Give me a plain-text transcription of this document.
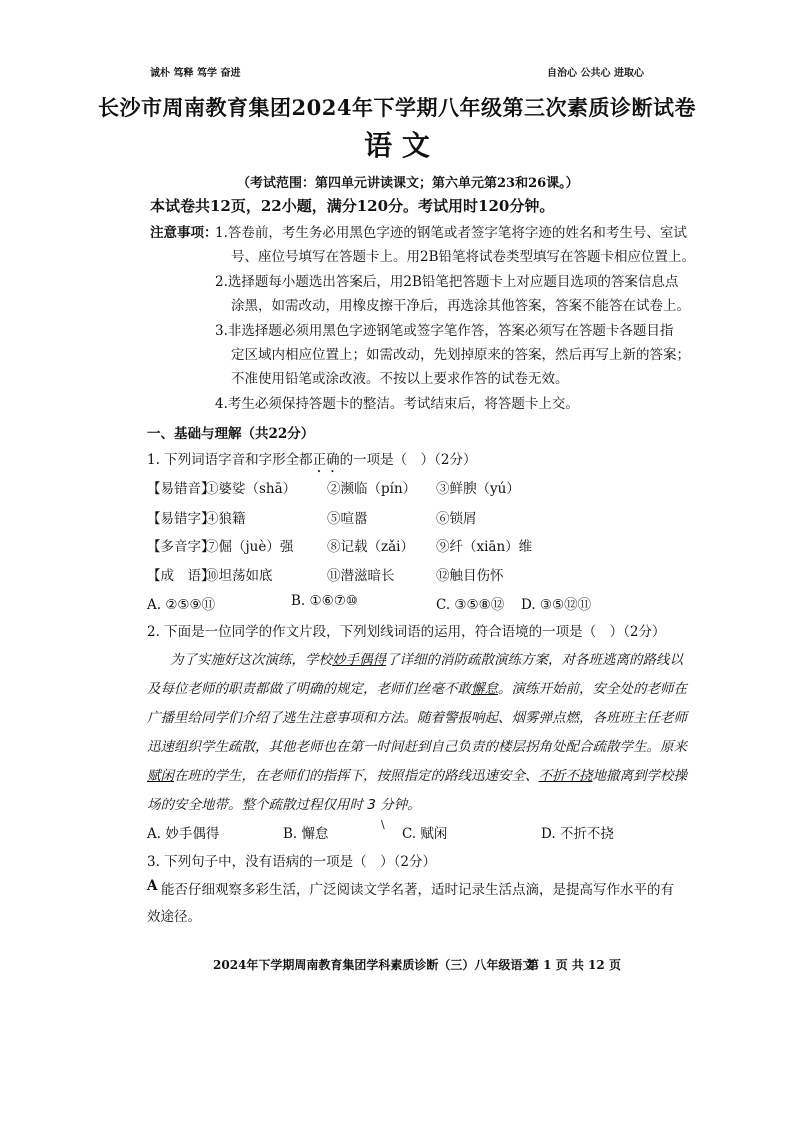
诚朴 笃释 笃学 奋进	自治心 公共心 进取心
长沙市周南教育集团2024年下学期八年级第三次素质诊断试卷
语 文
（考试范围：第四单元讲读课文；第六单元第23和26课。）
本试卷共12页，22小题，满分120分。考试用时120分钟。
注意事项：
1.答卷前，考生务必用黑色字迹的钢笔或者签字笔将字迹的姓名和考生号、室试
号、座位号填写在答题卡上。用2B铅笔将试卷类型填写在答题卡相应位置上。
2.选择题每小题选出答案后，用2B铅笔把答题卡上对应题目选项的答案信息点
涂黑，如需改动，用橡皮擦干净后，再选涂其他答案，答案不能答在试卷上。
3.非选择题必须用黑色字迹钢笔或签字笔作答，答案必须写在答题卡各题目指
定区域内相应位置上；如需改动，先划掉原来的答案，然后再写上新的答案；
不准使用铅笔或涂改液。不按以上要求作答的试卷无效。
4.考生必须保持答题卡的整洁。考试结束后，将答题卡上交。
一、基础与理解（共22分）
1. 下列词语字音和字形全都正确的一项是（　）（2分）
【易错音】
①婆娑（shā） ②濒临（pín） ③鲜腴（yú）
【易错字】
④狼籍	⑤喧嚣	⑥锁屑
【多音字】
⑦倔（juè）强 ⑧记载（zǎi） ⑨纤（xiān）维
【成　语】
⑩坦荡如底	⑪潜滋暗长	⑫触目伤怀
A. ②⑤⑨⑪	B. ①⑥⑦⑩	C. ③⑤⑧⑫ D. ③⑤⑫⑪
2. 下面是一位同学的作文片段，下列划线词语的运用，符合语境的一项是（　）（2分）
为了实施好这次演练，学校妙手偶得了详细的消防疏散演练方案，对各班逃离的路线以
及每位老师的职责都做了明确的规定，老师们丝毫不敢懈怠。演练开始前，安全处的老师在
广播里给同学们介绍了逃生注意事项和方法。随着警报响起、烟雾弹点燃，各班班主任老师
迅速组织学生疏散，其他老师也在第一时间赶到自己负责的楼层拐角处配合疏散学生。原来
赋闲在班的学生，在老师们的指挥下，按照指定的路线迅速安全、不折不挠地撤离到学校操
场的安全地带。整个疏散过程仅用时 3 分钟。
A. 妙手偶得	B. 懈怠
\
C. 赋闲	D. 不折不挠
3. 下列句子中，没有语病的一项是（　）（2分）
A 能否仔细观察多彩生活，广泛阅读文学名著，适时记录生活点滴，是提高写作水平的有
效途径。
2024年下学期周南教育集团学科素质诊断（三）八年级语文
第 1 页 共 12 页
